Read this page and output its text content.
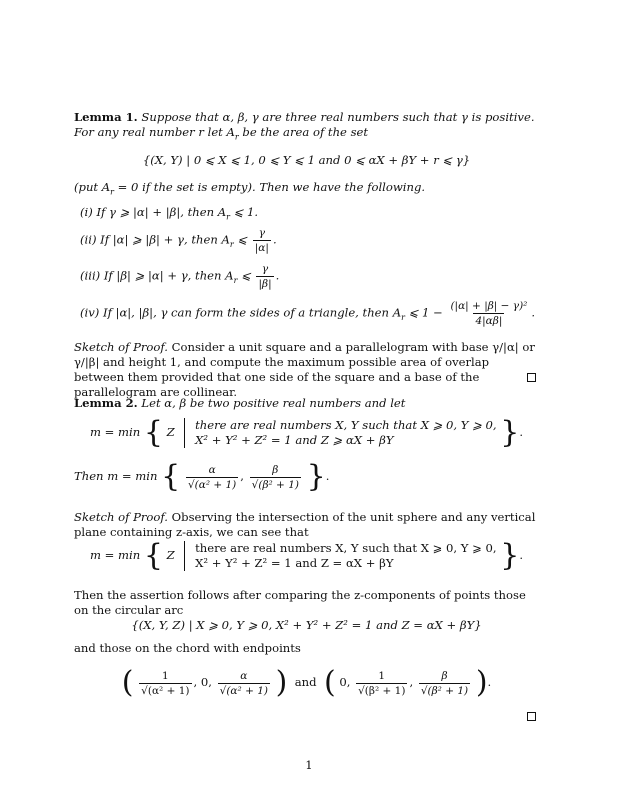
Lemma 1. Suppose that α, β, γ are three real numbers such that γ is positive. For any real number r let $A_r$ be the area of the set
{(X, Y) | 0 ⩽ X ⩽ 1, 0 ⩽ Y ⩽ 1 and 0 ⩽ αX + βY + r ⩽ γ}
(put $A_r = 0$ if the set is empty). Then we have the following.
(i) If γ ⩾ |α| + |β|, then $A_r$ ⩽ 1.
(ii) If |α| ⩾ |β| + γ, then $A_r$ ⩽ $\frac{\gamma}{|\alpha|}$ .
(iii) If |β| ⩾ |α| + γ, then $A_r$ ⩽ $\frac{\gamma}{|\beta|}$ .
(iv) If |α|, |β|, γ can form the sides of a triangle, then $A_r$ ⩽ $1 - \frac{\text{(|α| + |β| − γ)²}}{4|\alpha\beta|}$ .
Sketch of Proof. Consider a unit square and a parallelogram with base γ/|α| or γ/|β| and height 1, and compute the maximum possible area of overlap between them provided that one side of the square and a base of the parallelogram are collinear.
Lemma 2. Let α, β be two positive real numbers and let
m = min { Z there are real numbers X, Y such that X ⩾ 0, Y ⩾ 0,
X² + Y² + Z² = 1 and Z ⩾ αX + βY	}.
Then m = min { $\frac{\alpha}{\text{√(α² + 1)}}$ , $\frac{\beta}{\text{√(β² + 1)}}$ }.
Sketch of Proof. Observing the intersection of the unit sphere and any vertical plane containing z-axis, we can see that
m = min { Z there are real numbers X, Y such that X ⩾ 0, Y ⩾ 0,
X² + Y² + Z² = 1 and Z = αX + βY	}.
Then the assertion follows after comparing the z-components of points those on the circular arc
{(X, Y, Z) | X ⩾ 0, Y ⩾ 0, X² + Y² + Z² = 1 and Z = αX + βY}
and those on the chord with endpoints
( $\frac{1}{\text{√(α² + 1)}}$ , 0, $\frac{\alpha}{\text{√(α² + 1)}}$ ) and ( 0, $\frac{1}{\text{√(β² + 1)}}$ , $\frac{\beta}{\text{√(β² + 1)}}$ ).
1
